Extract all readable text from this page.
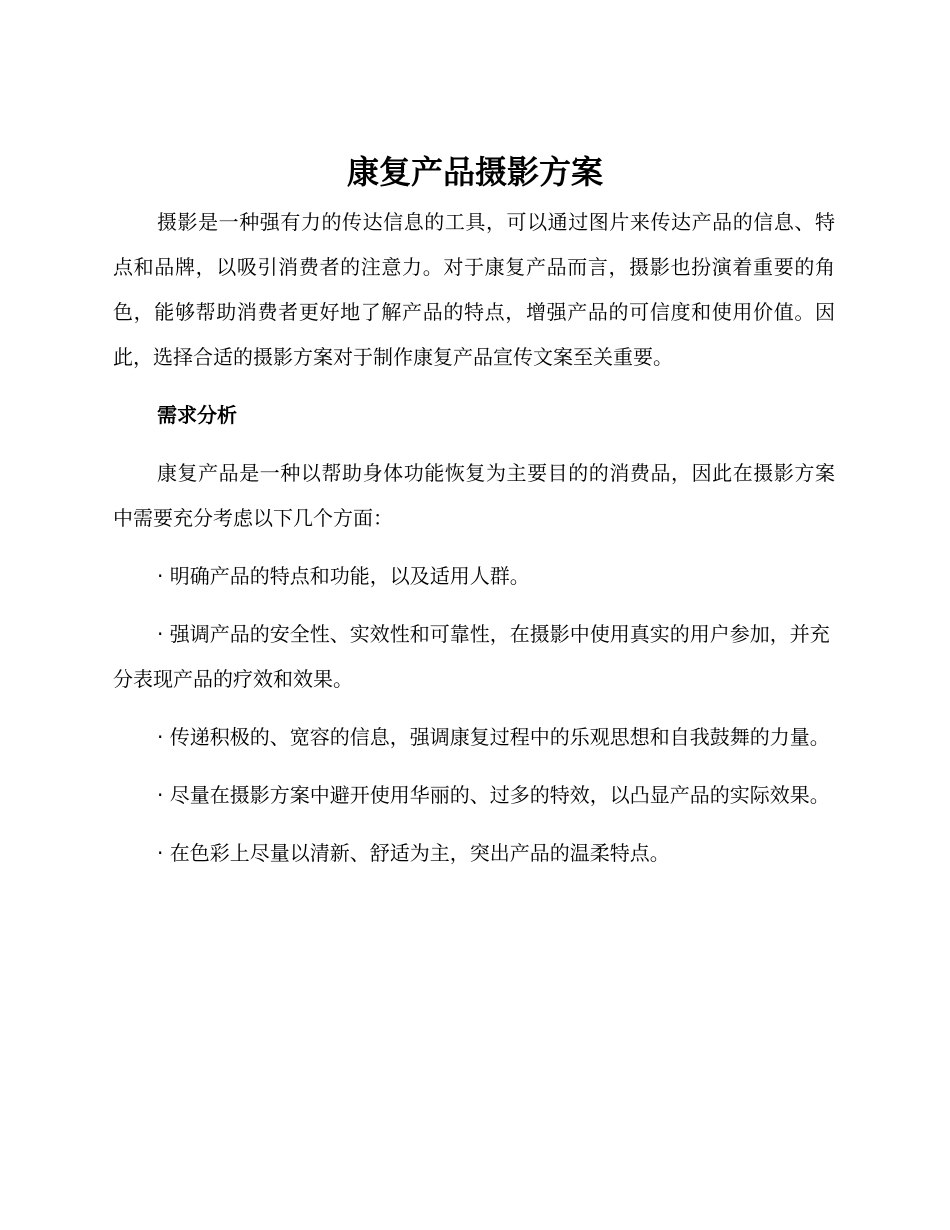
康复产品摄影方案

摄影是一种强有力的传达信息的工具，可以通过图片来传达产品的信息、特点和品牌，以吸引消费者的注意力。对于康复产品而言，摄影也扮演着重要的角色，能够帮助消费者更好地了解产品的特点，增强产品的可信度和使用价值。因此，选择合适的摄影方案对于制作康复产品宣传文案至关重要。

需求分析

康复产品是一种以帮助身体功能恢复为主要目的的消费品，因此在摄影方案中需要充分考虑以下几个方面：

· 明确产品的特点和功能，以及适用人群。

· 强调产品的安全性、实效性和可靠性，在摄影中使用真实的用户参加，并充分表现产品的疗效和效果。

· 传递积极的、宽容的信息，强调康复过程中的乐观思想和自我鼓舞的力量。

· 尽量在摄影方案中避开使用华丽的、过多的特效，以凸显产品的实际效果。

· 在色彩上尽量以清新、舒适为主，突出产品的温柔特点。
